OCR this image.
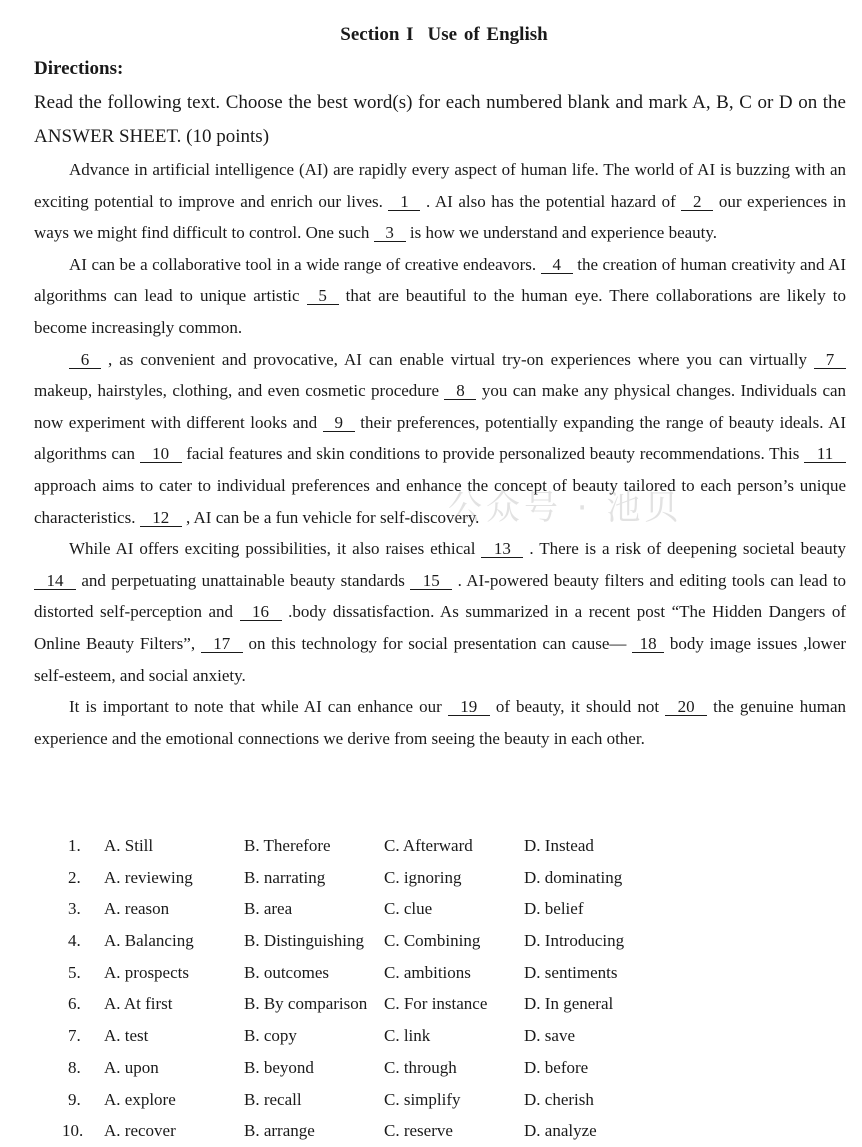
Section I Use of English
Directions:
Read the following text. Choose the best word(s) for each numbered blank and mark A, B, C or D on the ANSWER SHEET. (10 points)

Advance in artificial intelligence (AI) are rapidly every aspect of human life. The world of AI is buzzing with an exciting potential to improve and enrich our lives. 1 . AI also has the potential hazard of 2 our experiences in ways we might find difficult to control. One such 3 is how we understand and experience beauty.

AI can be a collaborative tool in a wide range of creative endeavors. 4 the creation of human creativity and AI algorithms can lead to unique artistic 5 that are beautiful to the human eye. There collaborations are likely to become increasingly common.

6 , as convenient and provocative, AI can enable virtual try-on experiences where you can virtually 7 makeup, hairstyles, clothing, and even cosmetic procedure 8 you can make any physical changes. Individuals can now experiment with different looks and 9 their preferences, potentially expanding the range of beauty ideals. AI algorithms can 10 facial features and skin conditions to provide personalized beauty recommendations. This 11 approach aims to cater to individual preferences and enhance the concept of beauty tailored to each person’s unique characteristics. 12 , AI can be a fun vehicle for self-discovery.

While AI offers exciting possibilities, it also raises ethical 13 . There is a risk of deepening societal beauty 14 and perpetuating unattainable beauty standards 15 . AI-powered beauty filters and editing tools can lead to distorted self-perception and 16 .body dissatisfaction. As summarized in a recent post “The Hidden Dangers of Online Beauty Filters”, 17 on this technology for social presentation can cause— 18 body image issues ,lower self-esteem, and social anxiety.

It is important to note that while AI can enhance our 19 of beauty, it should not 20 the genuine human experience and the emotional connections we derive from seeing the beauty in each other.

公众号 · 池贝
1. A. Still	B. Therefore	C. Afterward	D. Instead
2. A. reviewing	B. narrating	C. ignoring	D. dominating
3. A. reason	B. area	C. clue	D. belief
4. A. Balancing	B. Distinguishing C. Combining	D. Introducing
5. A. prospects	B. outcomes	C. ambitions	D. sentiments
6. A. At first	B. By comparison C. For instance D. In general
7. A. test	B. copy	C. link	D. save
8. A. upon	B. beyond	C. through	D. before
9. A. explore	B. recall	C. simplify	D. cherish
10. A. recover	B. arrange	C. reserve	D. analyze
